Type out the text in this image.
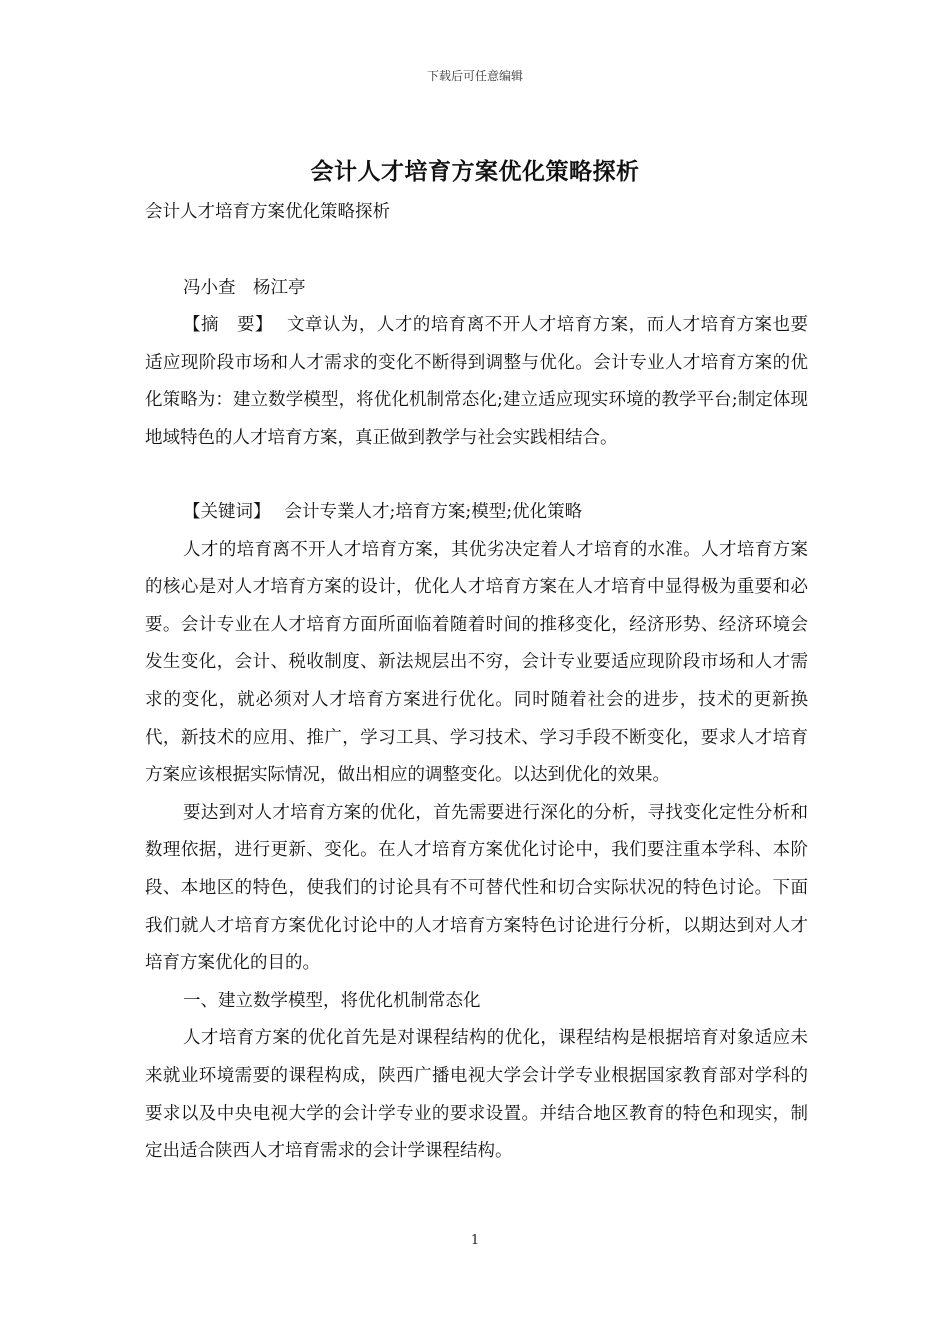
下载后可任意编辑
会计人才培育方案优化策略探析

会计人才培育方案优化策略探析

冯小查　杨江亭

【摘　要】 文章认为，人才的培育离不开人才培育方案，而人才培育方案也要适应现阶段市场和人才需求的变化不断得到调整与优化。会计专业人才培育方案的优化策略为：建立数学模型，将优化机制常态化;建立适应现实环境的教学平台;制定体现地域特色的人才培育方案，真正做到教学与社会实践相结合。

【关键词】 会计专業人才;培育方案;模型;优化策略

人才的培育离不开人才培育方案，其优劣决定着人才培育的水准。人才培育方案的核心是对人才培育方案的设计，优化人才培育方案在人才培育中显得极为重要和必要。会计专业在人才培育方面所面临着随着时间的推移变化，经济形势、经济环境会发生变化，会计、税收制度、新法规层出不穷，会计专业要适应现阶段市场和人才需求的变化，就必须对人才培育方案进行优化。同时随着社会的进步，技术的更新换代，新技术的应用、推广，学习工具、学习技术、学习手段不断变化，要求人才培育方案应该根据实际情况，做出相应的调整变化。以达到优化的效果。

要达到对人才培育方案的优化，首先需要进行深化的分析，寻找变化定性分析和数理依据，进行更新、变化。在人才培育方案优化讨论中，我们要注重本学科、本阶段、本地区的特色，使我们的讨论具有不可替代性和切合实际状况的特色讨论。下面我们就人才培育方案优化讨论中的人才培育方案特色讨论进行分析，以期达到对人才培育方案优化的目的。

一、建立数学模型，将优化机制常态化

人才培育方案的优化首先是对课程结构的优化，课程结构是根据培育对象适应未来就业环境需要的课程构成，陕西广播电视大学会计学专业根据国家教育部对学科的要求以及中央电视大学的会计学专业的要求设置。并结合地区教育的特色和现实，制定出适合陕西人才培育需求的会计学课程结构。

1
